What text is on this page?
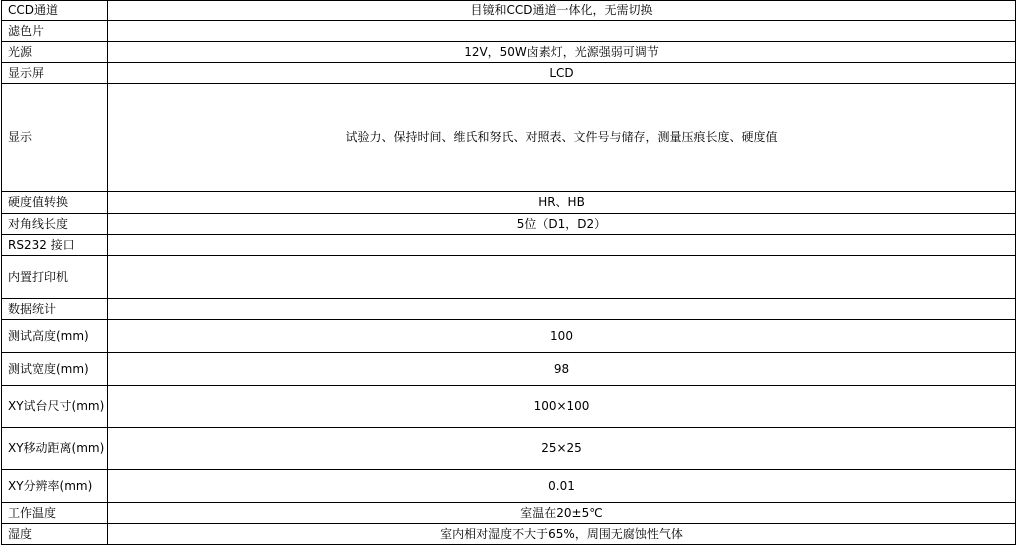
CCD通道	目镜和CCD通道一体化，无需切换
滤色片	
光源	12V，50W卤素灯，光源强弱可调节
显示屏	LCD
显示	试验力、保持时间、维氏和努氏、对照表、文件号与储存，测量压痕长度、硬度值
硬度值转换	HR、HB
对角线长度	5位（D1，D2）
RS232 接口	
内置打印机	
数据统计	
测试高度(mm)	100
测试宽度(mm)	98
XY试台尺寸(mm)	100×100
XY移动距离(mm)	25×25
XY分辨率(mm)	0.01
工作温度	室温在20±5℃
湿度	室内相对湿度不大于65%，周围无腐蚀性气体
